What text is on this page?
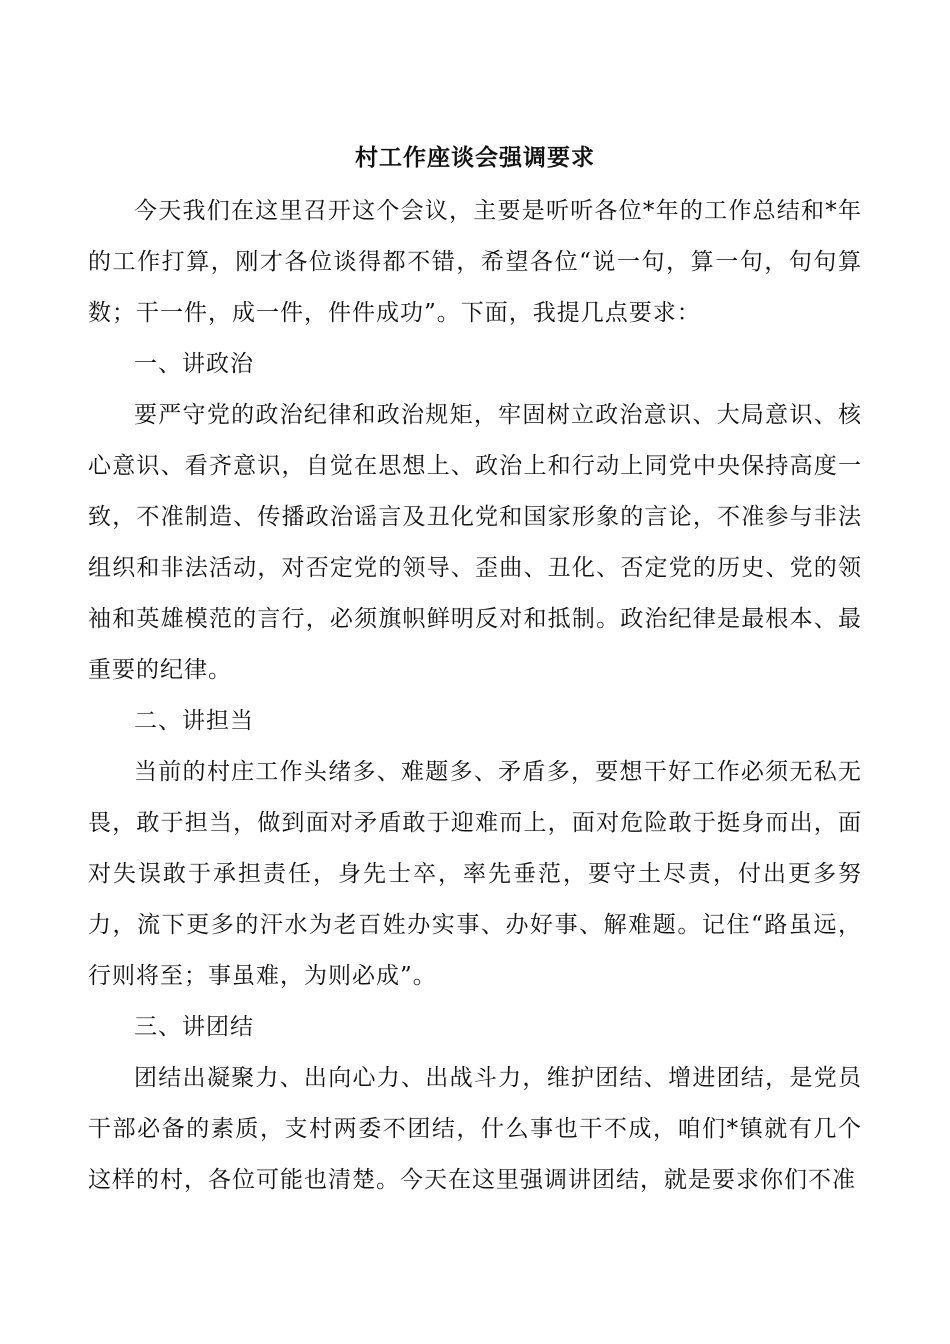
村工作座谈会强调要求

今天我们在这里召开这个会议，主要是听听各位*年的工作总结和*年的工作打算，刚才各位谈得都不错，希望各位“说一句，算一句，句句算数；干一件，成一件，件件成功”。下面，我提几点要求：

一、讲政治

要严守党的政治纪律和政治规矩，牢固树立政治意识、大局意识、核心意识、看齐意识，自觉在思想上、政治上和行动上同党中央保持高度一致，不准制造、传播政治谣言及丑化党和国家形象的言论，不准参与非法组织和非法活动，对否定党的领导、歪曲、丑化、否定党的历史、党的领袖和英雄模范的言行，必须旗帜鲜明反对和抵制。政治纪律是最根本、最重要的纪律。

二、讲担当

当前的村庄工作头绪多、难题多、矛盾多，要想干好工作必须无私无畏，敢于担当，做到面对矛盾敢于迎难而上，面对危险敢于挺身而出，面对失误敢于承担责任，身先士卒，率先垂范，要守土尽责，付出更多努力，流下更多的汗水为老百姓办实事、办好事、解难题。记住“路虽远，行则将至；事虽难，为则必成”。

三、讲团结

团结出凝聚力、出向心力、出战斗力，维护团结、增进团结，是党员干部必备的素质，支村两委不团结，什么事也干不成，咱们*镇就有几个这样的村，各位可能也清楚。今天在这里强调讲团结，就是要求你们不准
